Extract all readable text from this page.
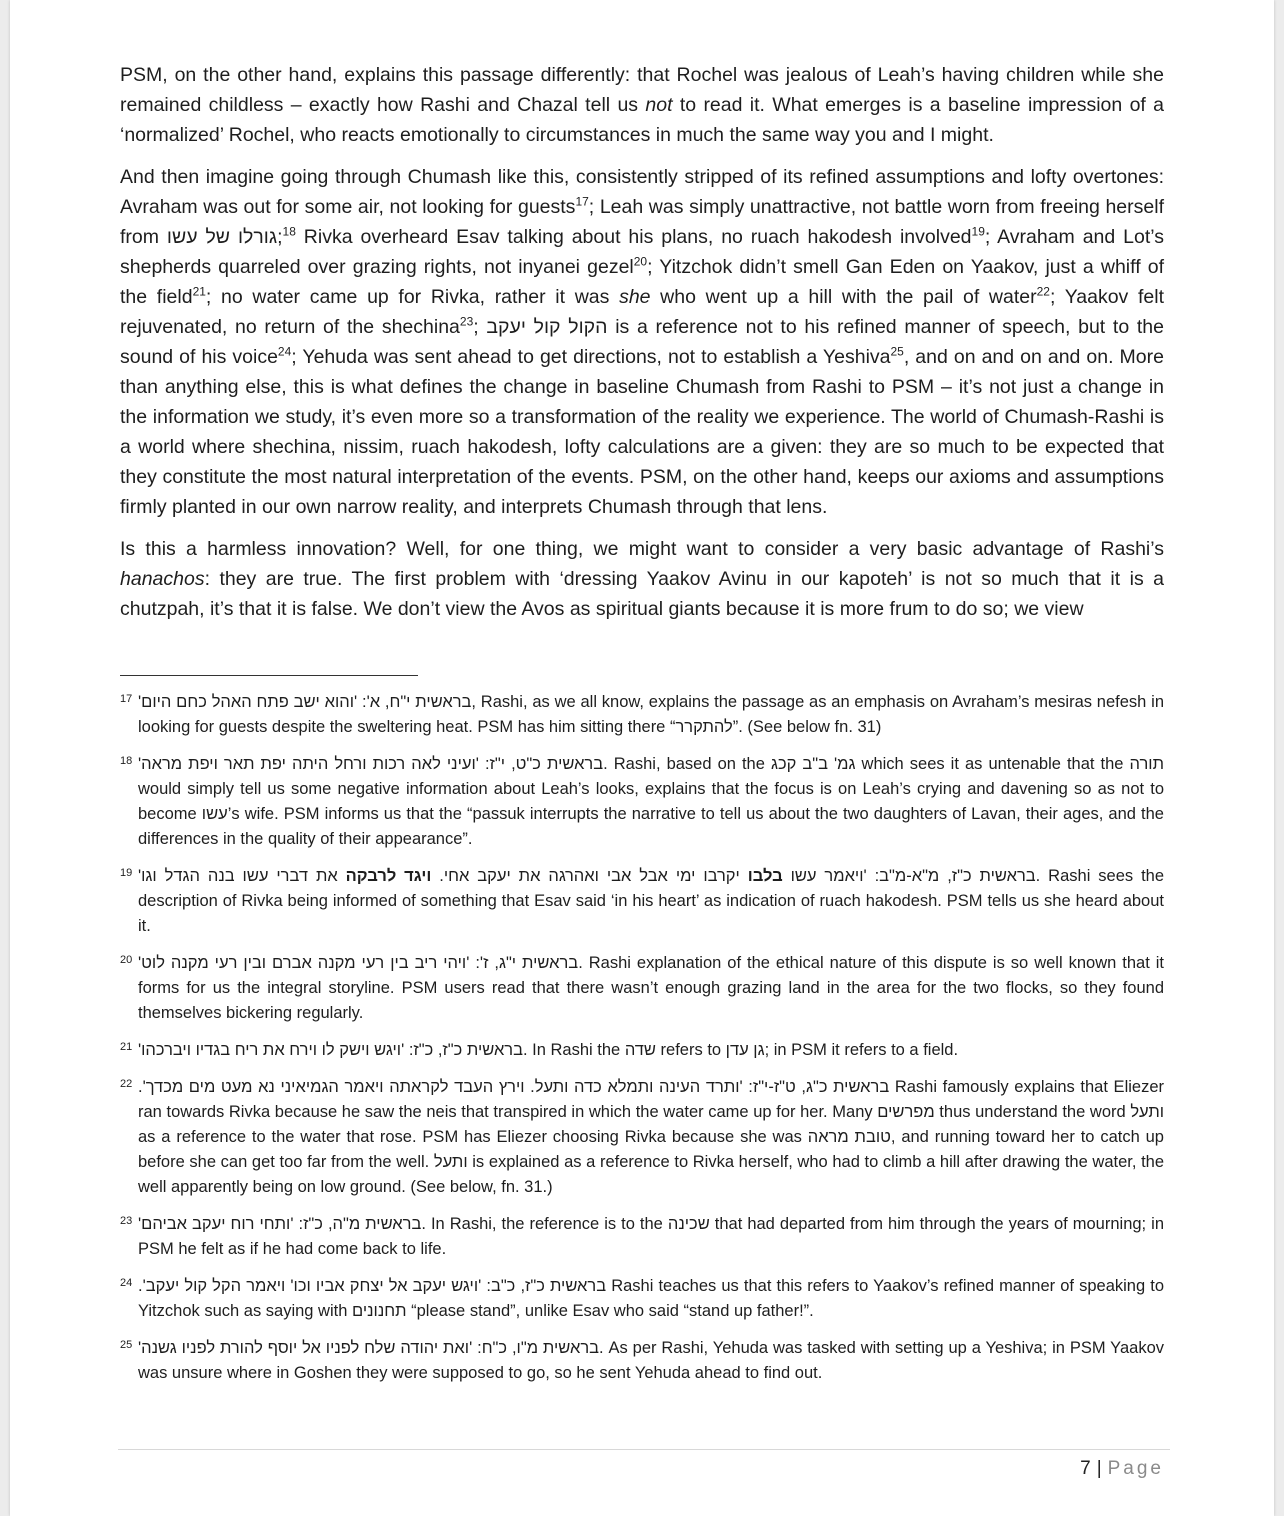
PSM, on the other hand, explains this passage differently: that Rochel was jealous of Leah’s having children while she remained childless – exactly how Rashi and Chazal tell us not to read it. What emerges is a baseline impression of a ‘normalized’ Rochel, who reacts emotionally to circumstances in much the same way you and I might.

And then imagine going through Chumash like this, consistently stripped of its refined assumptions and lofty overtones: Avraham was out for some air, not looking for guests$^{17}$; Leah was simply unattractive, not battle worn from freeing herself from גורלו של עשו;$^{18}$ Rivka overheard Esav talking about his plans, no ruach hakodesh involved$^{19}$; Avraham and Lot’s shepherds quarreled over grazing rights, not inyanei gezel$^{20}$; Yitzchok didn’t smell Gan Eden on Yaakov, just a whiff of the field$^{21}$; no water came up for Rivka, rather it was she who went up a hill with the pail of water$^{22}$; Yaakov felt rejuvenated, no return of the shechina$^{23}$; הקול קול יעקב is a reference not to his refined manner of speech, but to the sound of his voice$^{24}$; Yehuda was sent ahead to get directions, not to establish a Yeshiva$^{25}$, and on and on and on. More than anything else, this is what defines the change in baseline Chumash from Rashi to PSM – it’s not just a change in the information we study, it’s even more so a transformation of the reality we experience. The world of Chumash-Rashi is a world where shechina, nissim, ruach hakodesh, lofty calculations are a given: they are so much to be expected that they constitute the most natural interpretation of the events. PSM, on the other hand, keeps our axioms and assumptions firmly planted in our own narrow reality, and interprets Chumash through that lens.

Is this a harmless innovation? Well, for one thing, we might want to consider a very basic advantage of Rashi’s hanachos: they are true. The first problem with ‘dressing Yaakov Avinu in our kapoteh’ is not so much that it is a chutzpah, it’s that it is false. We don’t view the Avos as spiritual giants because it is more frum to do so; we view

17 בראשית י"ח, א': 'והוא ישב פתח האהל כחם היום', Rashi, as we all know, explains the passage as an emphasis on Avraham’s mesiras nefesh in looking for guests despite the sweltering heat. PSM has him sitting there “להתקרר”. (See below fn. 31)
18 בראשית כ"ט, י"ז: 'ועיני לאה רכות ורחל היתה יפת תאר ויפת מראה'. Rashi, based on the גמ' ב"ב קכג which sees it as untenable that the תורה would simply tell us some negative information about Leah’s looks, explains that the focus is on Leah’s crying and davening so as not to become עשו’s wife. PSM informs us that the “passuk interrupts the narrative to tell us about the two daughters of Lavan, their ages, and the differences in the quality of their appearance”.
19	בראשית כ"ז, מ"א-מ"ב: 'ויאמר עשו בלבו יקרבו ימי אבל אבי ואהרגה את יעקב אחי. ויגד לרבקה את דברי עשו בנה הגדל וגו'	. Rashi sees the description of Rivka being informed of something that Esav said ‘in his heart’ as indication of ruach hakodesh. PSM tells us she heard about it.
20 בראשית י"ג, ז': 'ויהי ריב בין רעי מקנה אברם ובין רעי מקנה לוט'. Rashi explanation of the ethical nature of this dispute is so well known that it forms for us the integral storyline. PSM users read that there wasn’t enough grazing land in the area for the two flocks, so they found themselves bickering regularly.
21 בראשית כ"ז, כ"ז: 'ויגש וישק לו וירח את ריח בגדיו ויברכהו'. In Rashi the שדה refers to גן עדן; in PSM it refers to a field.
22 בראשית כ"ג, ט"ז-י"ז: 'ותרד העינה ותמלא כדה ותעל. וירץ העבד לקראתה ויאמר הגמיאיני נא מעט מים מכדך'. Rashi famously explains that Eliezer ran towards Rivka because he saw the neis that transpired in which the water came up for her. Many מפרשים thus understand the word ותעל as a reference to the water that rose. PSM has Eliezer choosing Rivka because she was טובת מראה, and running toward her to catch up before she can get too far from the well. ותעל is explained as a reference to Rivka herself, who had to climb a hill after drawing the water, the well apparently being on low ground. (See below, fn. 31.)
23 בראשית מ"ה, כ"ז: 'ותחי רוח יעקב אביהם'. In Rashi, the reference is to the שכינה that had departed from him through the years of mourning; in PSM he felt as if he had come back to life.
24 בראשית כ"ז, כ"ב: 'ויגש יעקב אל יצחק אביו וכו' ויאמר הקל קול יעקב'. Rashi teaches us that this refers to Yaakov’s refined manner of speaking to Yitzchok such as saying with תחנונים “please stand”, unlike Esav who said “stand up father!”.
25 בראשית מ"ו, כ"ח: 'ואת יהודה שלח לפניו אל יוסף להורת לפניו גשנה'. As per Rashi, Yehuda was tasked with setting up a Yeshiva; in PSM Yaakov was unsure where in Goshen they were supposed to go, so he sent Yehuda ahead to find out.
7 | Page
